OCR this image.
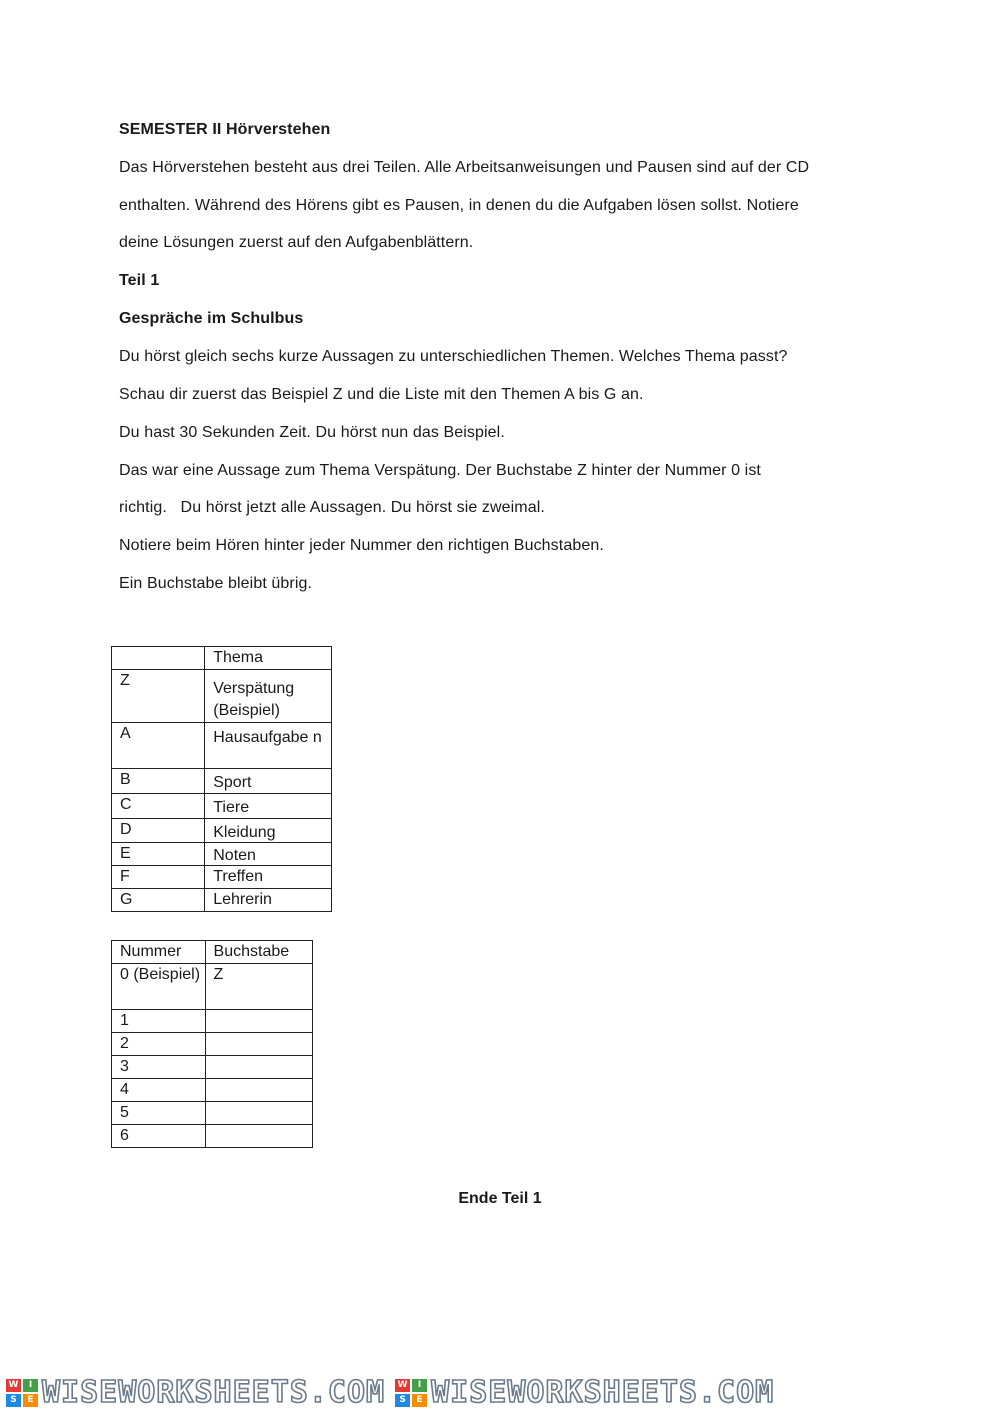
SEMESTER II Hörverstehen
Das Hörverstehen besteht aus drei Teilen. Alle Arbeitsanweisungen und Pausen sind auf der CD
enthalten. Während des Hörens gibt es Pausen, in denen du die Aufgaben lösen sollst. Notiere
deine Lösungen zuerst auf den Aufgabenblättern.
Teil 1
Gespräche im Schulbus
Du hörst gleich sechs kurze Aussagen zu unterschiedlichen Themen. Welches Thema passt?
Schau dir zuerst das Beispiel Z und die Liste mit den Themen A bis G an.
Du hast 30 Sekunden Zeit. Du hörst nun das Beispiel.
Das war eine Aussage zum Thema Verspätung. Der Buchstabe Z hinter der Nummer 0 ist
richtig.   Du hörst jetzt alle Aussagen. Du hörst sie zweimal.
Notiere beim Hören hinter jeder Nummer den richtigen Buchstaben.
Ein Buchstabe bleibt übrig.
	Thema
Z	Verspätung (Beispiel)
A	Hausaufgabe n
B	Sport
C	Tiere
D	Kleidung
E	Noten
F	Treffen
G	Lehrerin
Nummer	Buchstabe
0 (Beispiel)	Z
1	
2	
3	
4	
5	
6	
Ende Teil 1
W	I
S	E WISEWORKSHEETS.COM W	I
S	E WISEWORKSHEETS.COM
